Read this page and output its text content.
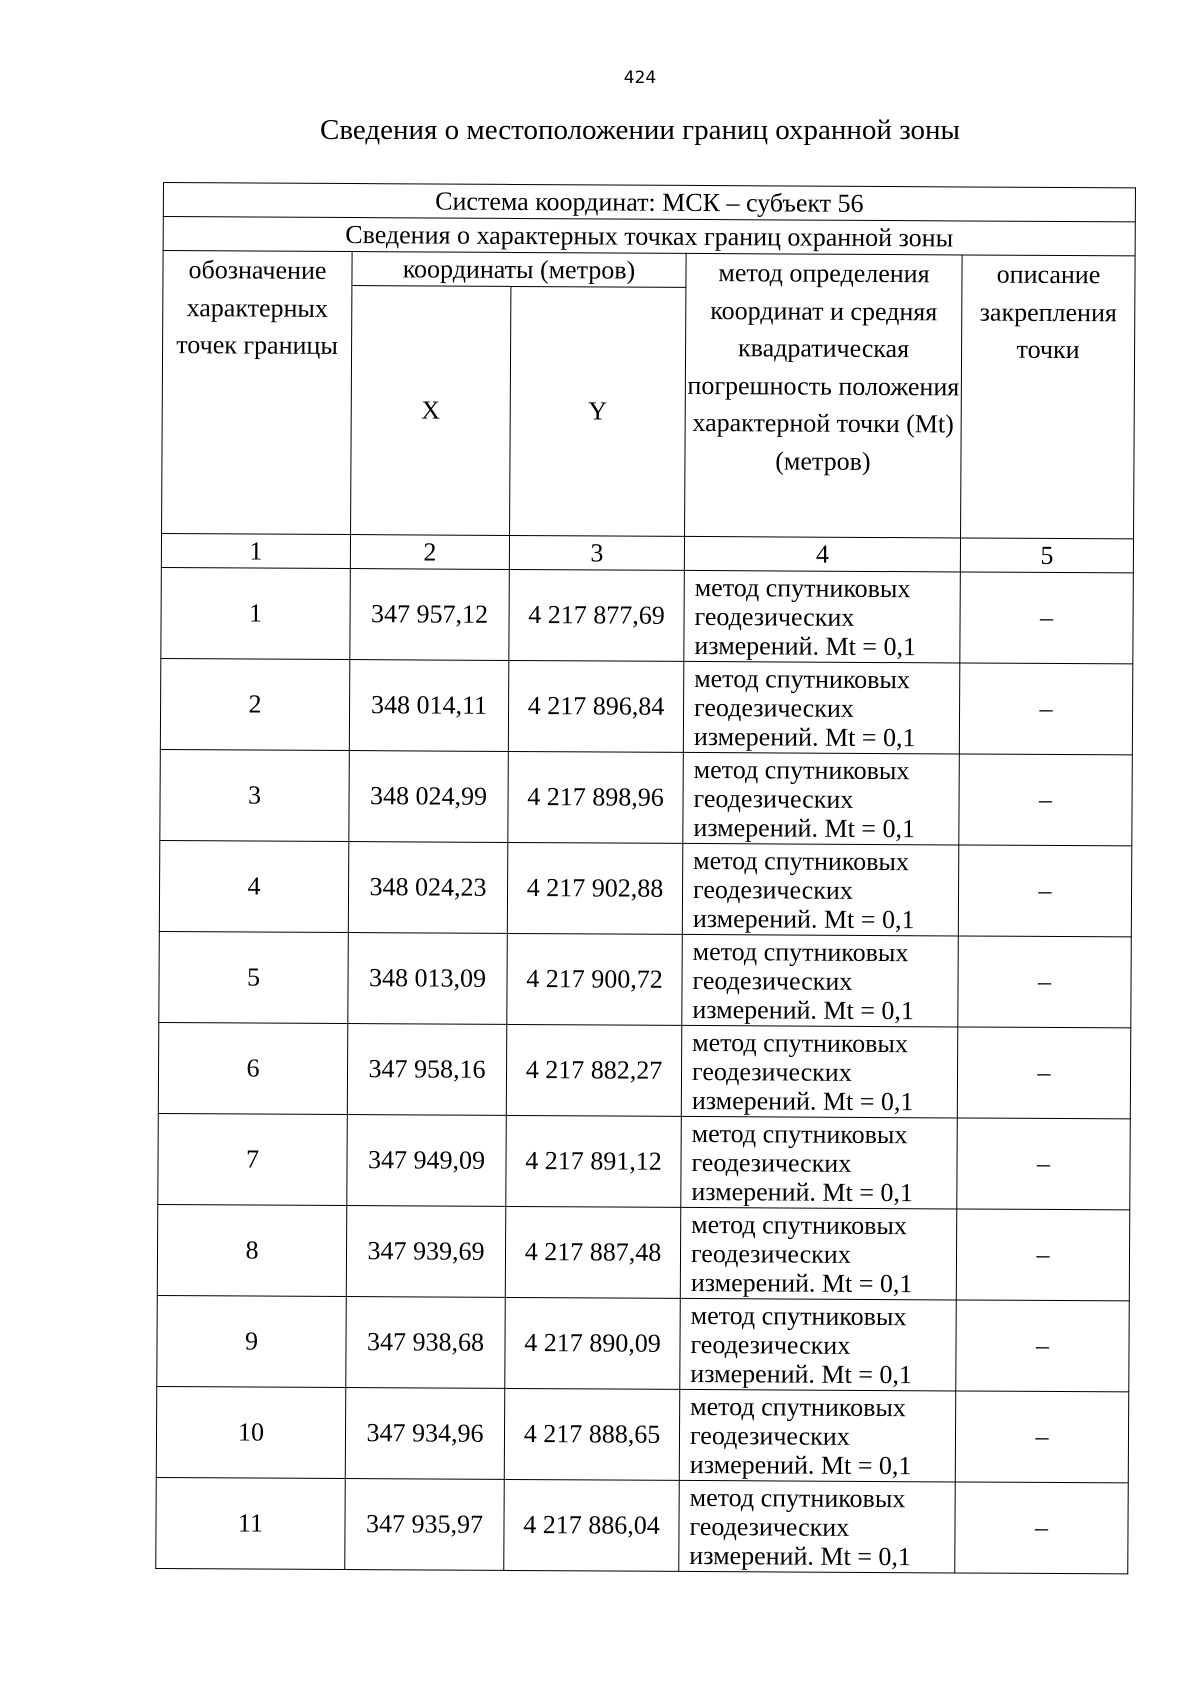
424
Сведения о местоположении границ охранной зоны
Система координат: МСК – субъект 56				
Сведения о характерных точках границ охранной зоны				
обозначение характерных точек границы	координаты (метров)		метод определения координат и средняя квадратическая погрешность положения характерной точки (Mt) (метров)	описание закрепления точки
	X	Y		
1	2	3	4	5
1	347 957,12	4 217 877,69	метод спутниковых геодезических измерений. Mt = 0,1	–
2	348 014,11	4 217 896,84	метод спутниковых геодезических измерений. Mt = 0,1	–
3	348 024,99	4 217 898,96	метод спутниковых геодезических измерений. Mt = 0,1	–
4	348 024,23	4 217 902,88	метод спутниковых геодезических измерений. Mt = 0,1	–
5	348 013,09	4 217 900,72	метод спутниковых геодезических измерений. Mt = 0,1	–
6	347 958,16	4 217 882,27	метод спутниковых геодезических измерений. Mt = 0,1	–
7	347 949,09	4 217 891,12	метод спутниковых геодезических измерений. Mt = 0,1	–
8	347 939,69	4 217 887,48	метод спутниковых геодезических измерений. Mt = 0,1	–
9	347 938,68	4 217 890,09	метод спутниковых геодезических измерений. Mt = 0,1	–
10	347 934,96	4 217 888,65	метод спутниковых геодезических измерений. Mt = 0,1	–
11	347 935,97	4 217 886,04	метод спутниковых геодезических измерений. Mt = 0,1	–
